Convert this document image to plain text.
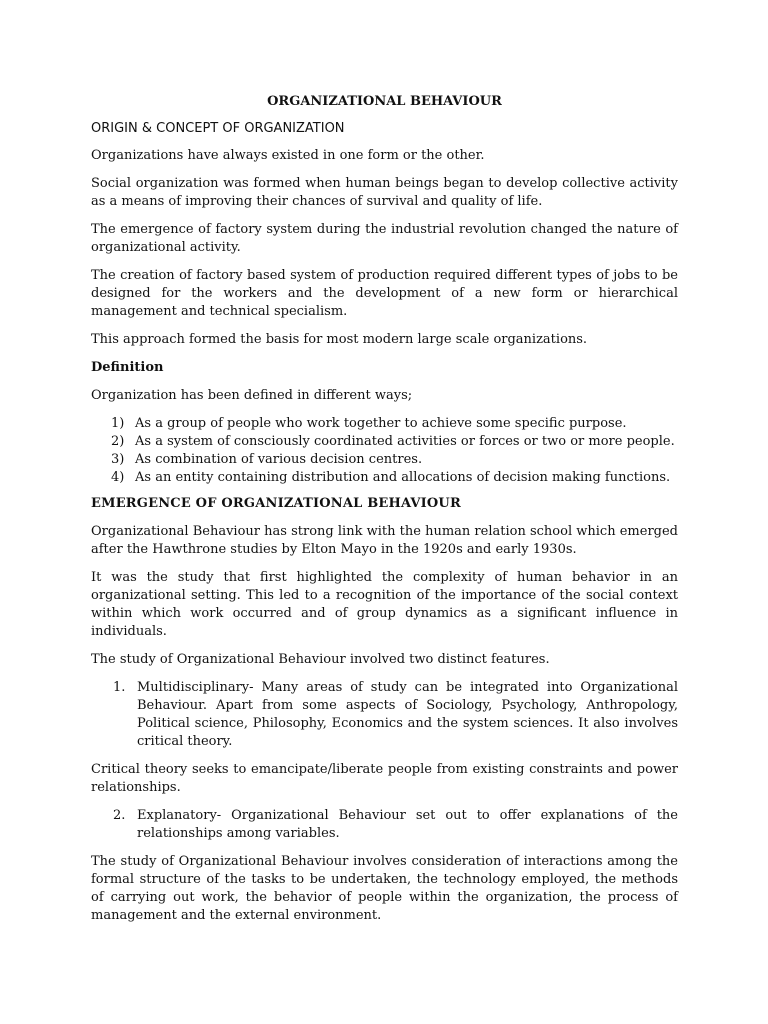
ORGANIZATIONAL BEHAVIOUR
ORIGIN & CONCEPT OF ORGANIZATION

Organizations have always existed in one form or the other.

Social organization was formed when human beings began to develop collective activity as a means of improving their chances of survival and quality of life.

The emergence of factory system during the industrial revolution changed the nature of organizational activity.

The creation of factory based system of production required different types of jobs to be designed for the workers and the development of a new form or hierarchical management and technical specialism.

This approach formed the basis for most modern large scale organizations.

Definition

Organization has been defined in different ways;

1) As a group of people who work together to achieve some specific purpose.
2) As a system of consciously coordinated activities or forces or two or more people.
3) As combination of various decision centres.
4) As an entity containing distribution and allocations of decision making functions.
EMERGENCE OF ORGANIZATIONAL BEHAVIOUR

Organizational Behaviour has strong link with the human relation school which emerged after the Hawthrone studies by Elton Mayo in the 1920s and early 1930s.

It was the study that first highlighted the complexity of human behavior in an organizational setting. This led to a recognition of the importance of the social context within which work occurred and of group dynamics as a significant influence in individuals.

The study of Organizational Behaviour involved two distinct features.

1. Multidisciplinary- Many areas of study can be integrated into Organizational Behaviour. Apart from some aspects of Sociology, Psychology, Anthropology, Political science, Philosophy, Economics and the system sciences. It also involves critical theory.

Critical theory seeks to emancipate/liberate people from existing constraints and power relationships.

2. Explanatory- Organizational Behaviour set out to offer explanations of the relationships among variables.

The study of Organizational Behaviour involves consideration of interactions among the formal structure of the tasks to be undertaken, the technology employed, the methods of carrying out work, the behavior of people within the organization, the process of management and the external environment.
